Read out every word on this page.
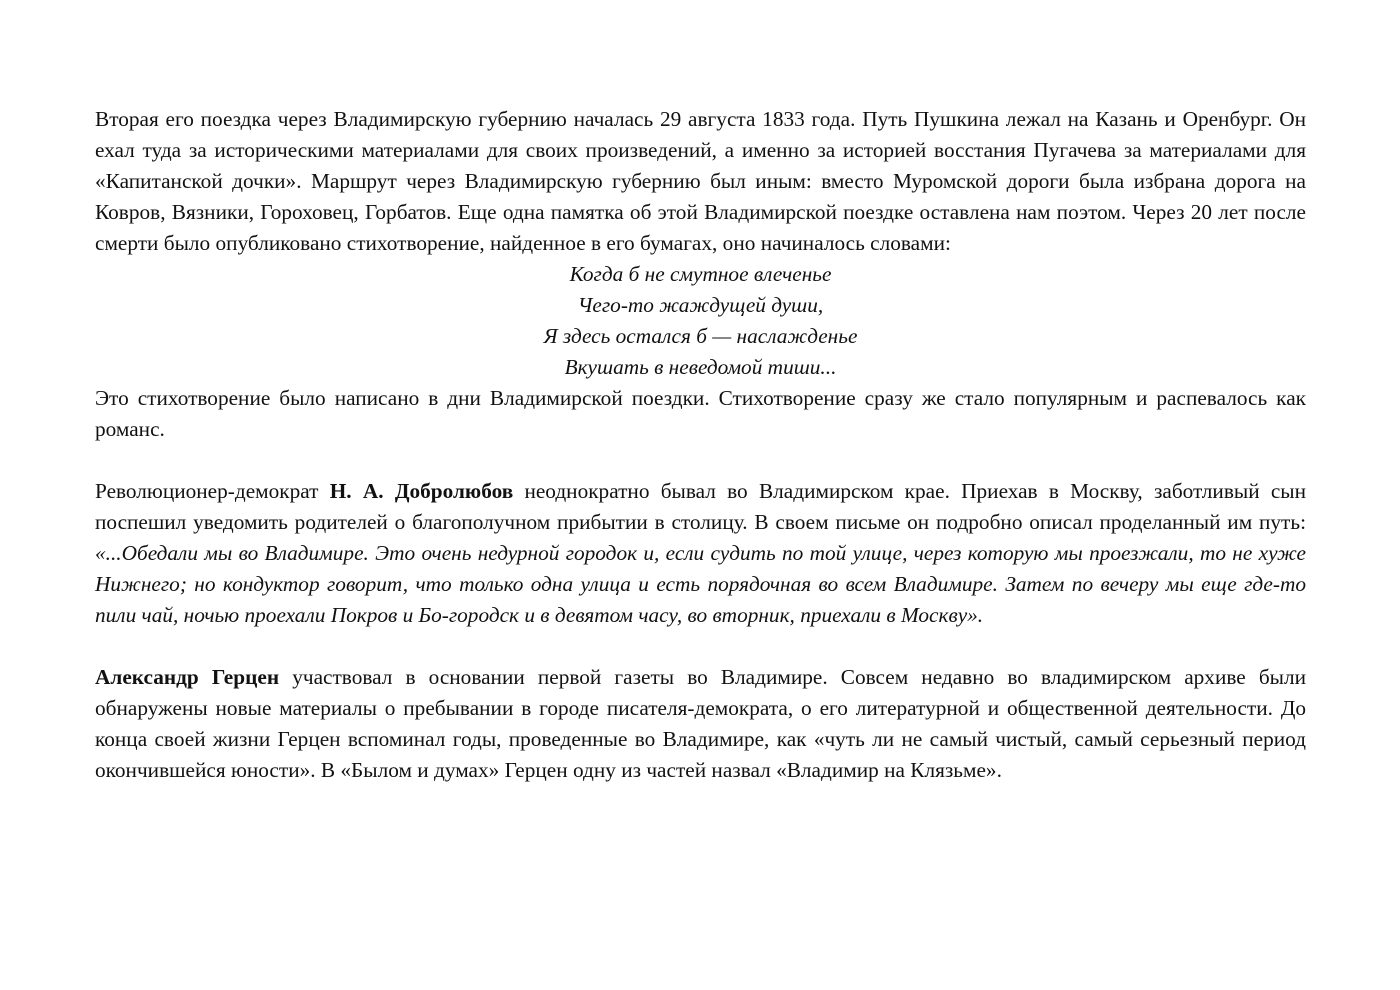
Вторая его поездка через Владимирскую губернию началась 29 августа 1833 года. Путь Пушкина лежал на Казань и Оренбург. Он ехал туда за историческими материалами для своих произведений, а именно за историей восстания Пугачева за материалами для «Капитанской дочки». Маршрут через Владимирскую губернию был иным: вместо Муромской дороги была избрана дорога на Ковров, Вязники, Гороховец, Горбатов. Еще одна памятка об этой Владимирской поездке оставлена нам поэтом. Через 20 лет после смерти было опубликовано стихотворение, найденное в его бумагах, оно начиналось словами:

Когда б не смутное влеченье
Чего-то жаждущей души,
Я здесь остался б — наслажденье
Вкушать в неведомой тиши...

Это стихотворение было написано в дни Владимирской поездки. Стихотворение сразу же стало популярным и распевалось как романс.

Революционер-демократ Н. А. Добролюбов неоднократно бывал во Владимирском крае. Приехав в Москву, заботливый сын поспешил уведомить родителей о благополучном прибытии в столицу. В своем письме он подробно описал проделанный им путь: «...Обедали мы во Владимире. Это очень недурной городок и, если судить по той улице, через которую мы проезжали, то не хуже Нижнего; но кондуктор говорит, что только одна улица и есть порядочная во всем Владимире. Затем по вечеру мы еще где-то пили чай, ночью проехали Покров и Бо-городск и в девятом часу, во вторник, приехали в Москву».

Александр Герцен участвовал в основании первой газеты во Владимире. Совсем недавно во владимирском архиве были обнаружены новые материалы о пребывании в городе писателя-демократа, о его литературной и общественной деятельности. До конца своей жизни Герцен вспоминал годы, проведенные во Владимире, как «чуть ли не самый чистый, самый серьезный период окончившейся юности». В «Былом и думах» Герцен одну из частей назвал «Владимир на Клязьме».
